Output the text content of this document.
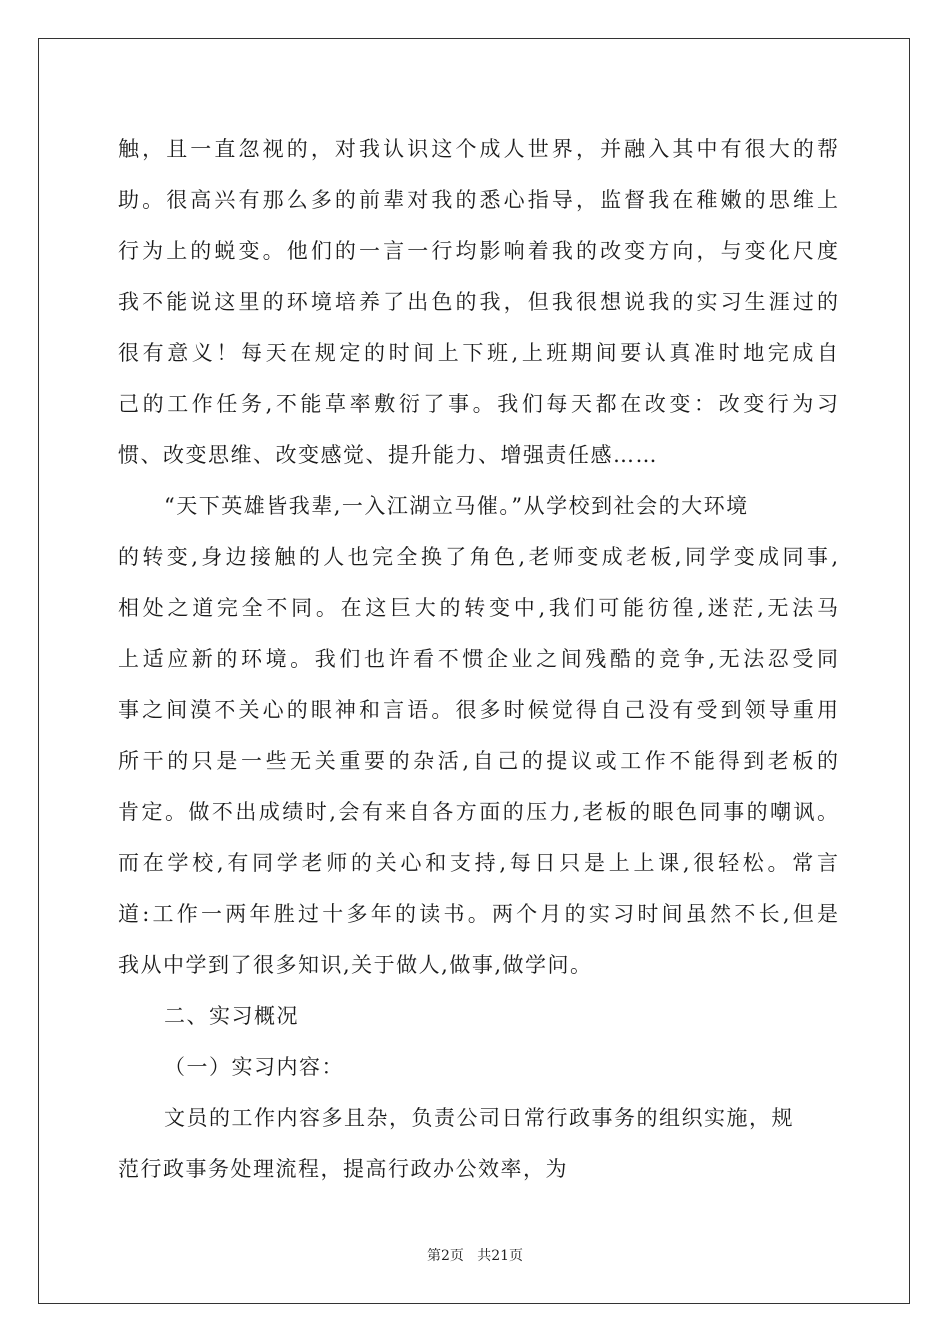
触，且一直忽视的，对我认识这个成人世界，并融入其中有很大的帮
助。很高兴有那么多的前辈对我的悉心指导，监督我在稚嫩的思维上
行为上的蜕变。他们的一言一行均影响着我的改变方向，与变化尺度
我不能说这里的环境培养了出色的我，但我很想说我的实习生涯过的
很有意义！每天在规定的时间上下班,上班期间要认真准时地完成自
己的工作任务,不能草率敷衍了事。我们每天都在改变：改变行为习
惯、改变思维、改变感觉、提升能力、增强责任感……
“天下英雄皆我辈,一入江湖立马催。”从学校到社会的大环境
的转变,身边接触的人也完全换了角色,老师变成老板,同学变成同事,
相处之道完全不同。在这巨大的转变中,我们可能彷徨,迷茫,无法马
上适应新的环境。我们也许看不惯企业之间残酷的竞争,无法忍受同
事之间漠不关心的眼神和言语。很多时候觉得自己没有受到领导重用
所干的只是一些无关重要的杂活,自己的提议或工作不能得到老板的
肯定。做不出成绩时,会有来自各方面的压力,老板的眼色同事的嘲讽。
而在学校,有同学老师的关心和支持,每日只是上上课,很轻松。常言
道:工作一两年胜过十多年的读书。两个月的实习时间虽然不长,但是
我从中学到了很多知识,关于做人,做事,做学问。
二、实习概况
（一）实习内容：
文员的工作内容多且杂，负责公司日常行政事务的组织实施，规
范行政事务处理流程，提高行政办公效率，为
第2页   共21页
